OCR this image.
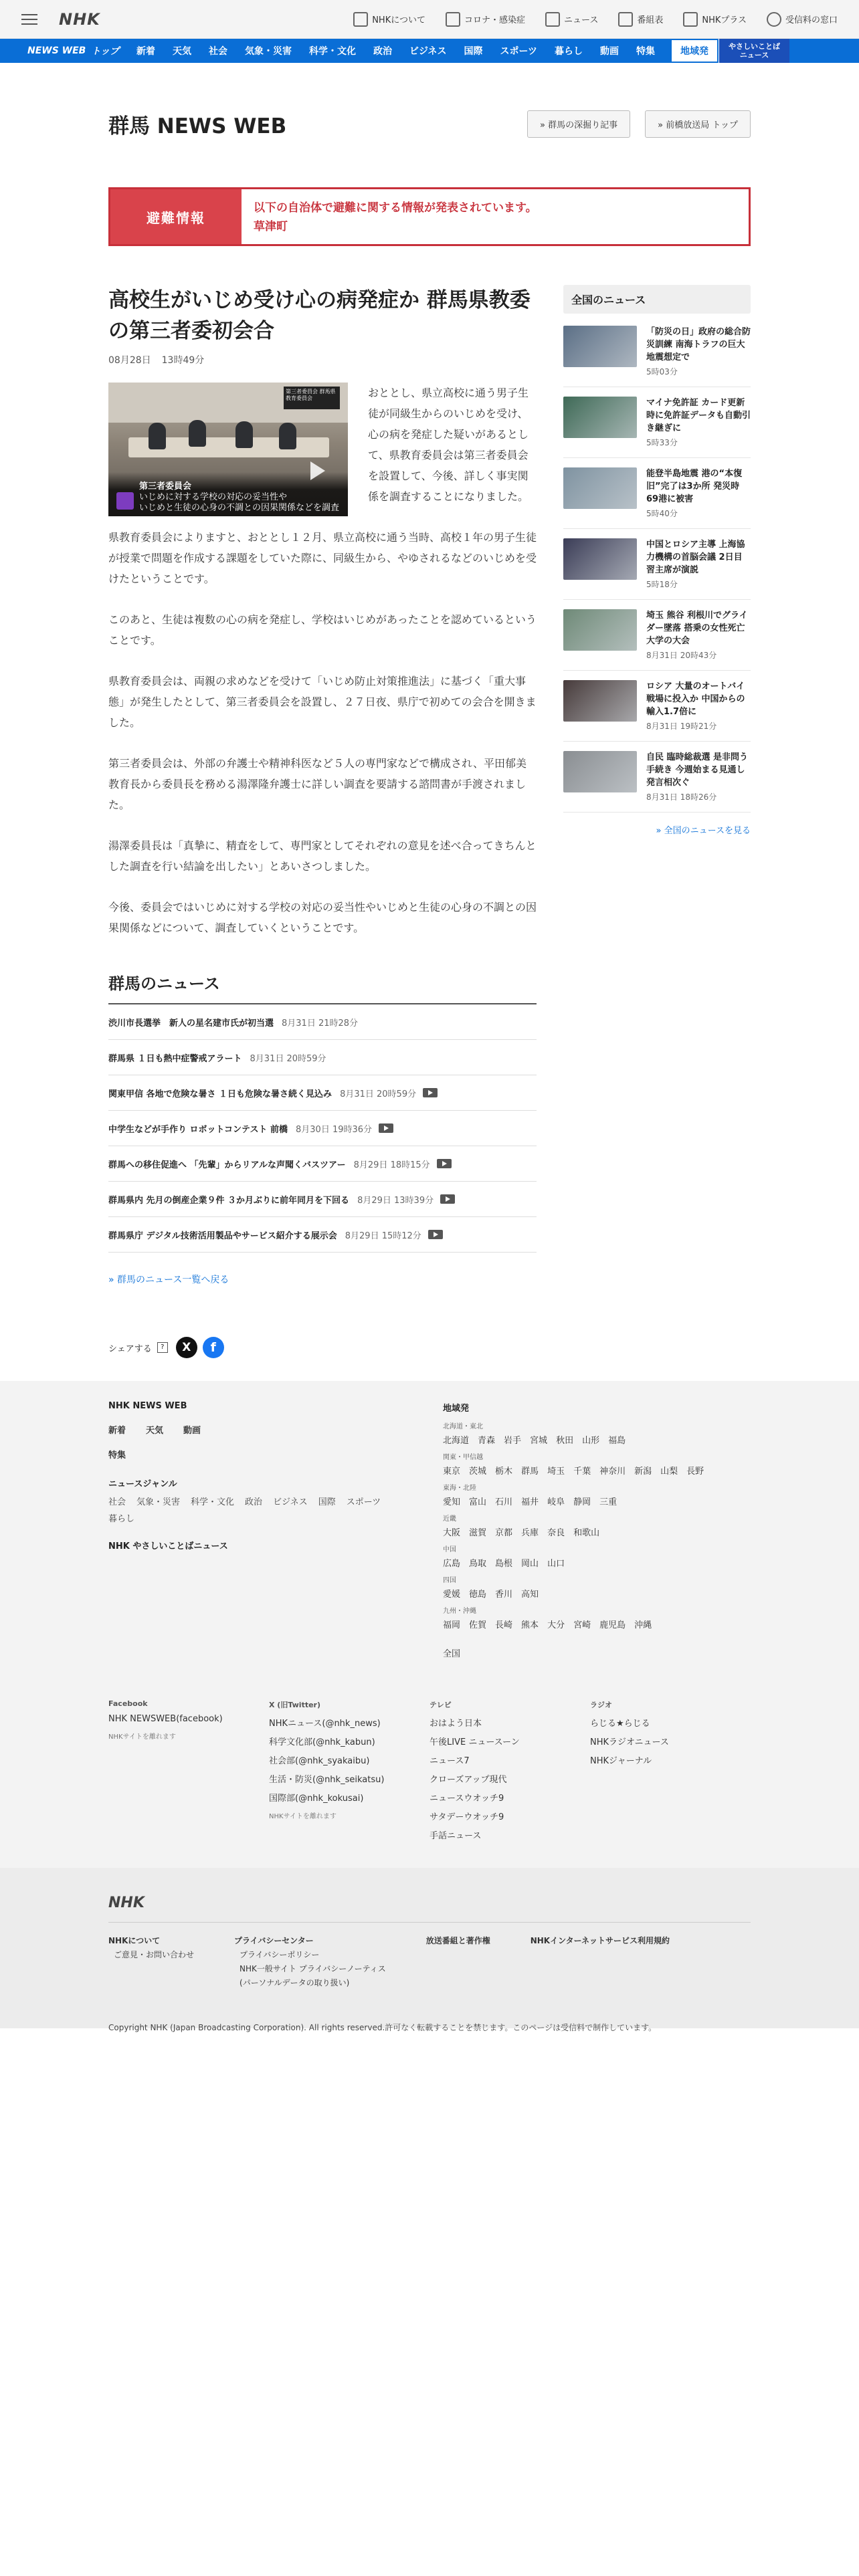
NHK	NHKについて	コロナ・感染症	ニュース	番組表	NHKプラス	受信料の窓口
NEWS WEB トップ	新着	天気	社会	気象・災害	科学・文化	政治	ビジネス	国際	スポーツ	暮らし	動画	特集	地域発	やさしいことば
ニュース
群馬 NEWS WEB	» 群馬の深掘り記事	» 前橋放送局 トップ
避難情報
以下の自治体で避難に関する情報が発表されています。
草津町
高校生がいじめ受け心の病発症か 群馬県教委の第三者委初会合
08月28日 13時49分
第三者委員会 群馬県教育委員会
第三者委員会
いじめに対する学校の対応の妥当性や
いじめと生徒の心身の不調との因果関係などを調査

おととし、県立高校に通う男子生徒が同級生からのいじめを受け、心の病を発症した疑いがあるとして、県教育委員会は第三者委員会を設置して、今後、詳しく事実関係を調査することになりました。

県教育委員会によりますと、おととし１２月、県立高校に通う当時、高校１年の男子生徒が授業で問題を作成する課題をしていた際に、同級生から、やゆされるなどのいじめを受けたということです。

このあと、生徒は複数の心の病を発症し、学校はいじめがあったことを認めているということです。

県教育委員会は、両親の求めなどを受けて「いじめ防止対策推進法」に基づく「重大事態」が発生したとして、第三者委員会を設置し、２７日夜、県庁で初めての会合を開きました。

第三者委員会は、外部の弁護士や精神科医など５人の専門家などで構成され、平田郁美教育長から委員長を務める湯澤隆弁護士に詳しい調査を要請する諮問書が手渡されました。

湯澤委員長は「真摯に、精査をして、専門家としてそれぞれの意見を述べ合ってきちんとした調査を行い結論を出したい」とあいさつしました。

今後、委員会ではいじめに対する学校の対応の妥当性やいじめと生徒の心身の不調との因果関係などについて、調査していくということです。

群馬のニュース
渋川市長選挙　新人の星名建市氏が初当選 8月31日 21時28分
群馬県 １日も熱中症警戒アラート 8月31日 20時59分
関東甲信 各地で危険な暑さ １日も危険な暑さ続く見込み 8月31日 20時59分
中学生などが手作り ロボットコンテスト 前橋 8月30日 19時36分
群馬への移住促進へ 「先輩」からリアルな声聞くバスツアー 8月29日 18時15分
群馬県内 先月の倒産企業９件 ３か月ぶりに前年同月を下回る 8月29日 13時39分
群馬県庁 デジタル技術活用製品やサービス紹介する展示会 8月29日 15時12分
» 群馬のニュース一覧へ戻る
シェアする	?	X	f
全国のニュース
「防災の日」政府の総合防災訓練 南海トラフの巨大地震想定で
5時03分
マイナ免許証 カード更新時に免許証データも自動引き継ぎに
5時33分
能登半島地震 港の“本復旧”完了は3か所 発災時69港に被害
5時40分
中国とロシア主導 上海協力機構の首脳会議 2日目 習主席が演説
5時18分
埼玉 熊谷 利根川でグライダー墜落 搭乗の女性死亡 大学の大会
8月31日 20時43分
ロシア 大量のオートバイ 戦場に投入か 中国からの輸入1.7倍に
8月31日 19時21分
自民 臨時総裁選 是非問う手続き 今週始まる見通し 発言相次ぐ
8月31日 18時26分
» 全国のニュースを見る
NHK NEWS WEB
新着 天気 動画
特集
ニュースジャンル
社会 気象・災害 科学・文化 政治 ビジネス 国際 スポーツ
暮らし
NHK やさしいことばニュース
地域発
北海道・東北
北海道 青森 岩手 宮城 秋田 山形 福島
関東・甲信越
東京 茨城 栃木 群馬 埼玉 千葉 神奈川 新潟 山梨 長野
東海・北陸
愛知 富山 石川 福井 岐阜 静岡 三重
近畿
大阪 滋賀 京都 兵庫 奈良 和歌山
中国
広島 鳥取 島根 岡山 山口
四国
愛媛 徳島 香川 高知
九州・沖縄
福岡 佐賀 長崎 熊本 大分 宮崎 鹿児島 沖縄
全国
Facebook
NHK NEWSWEB(facebook)
NHKサイトを離れます
X (旧Twitter)
NHKニュース(@nhk_news)
科学文化部(@nhk_kabun)
社会部(@nhk_syakaibu)
生活・防災(@nhk_seikatsu)
国際部(@nhk_kokusai)
NHKサイトを離れます
テレビ
おはよう日本
午後LIVE ニュースーン
ニュース7
クローズアップ現代
ニュースウオッチ9
サタデーウオッチ9
手話ニュース
ラジオ
らじる★らじる
NHKラジオニュース
NHKジャーナル
NHK
NHKについて
ご意見・お問い合わせ
プライバシーセンター
プライバシーポリシー
NHK一般サイト プライバシーノーティス
(パーソナルデータの取り扱い)
放送番組と著作権	NHKインターネットサービス利用規約
Copyright NHK (Japan Broadcasting Corporation). All rights reserved.許可なく転載することを禁じます。このページは受信料で制作しています。
